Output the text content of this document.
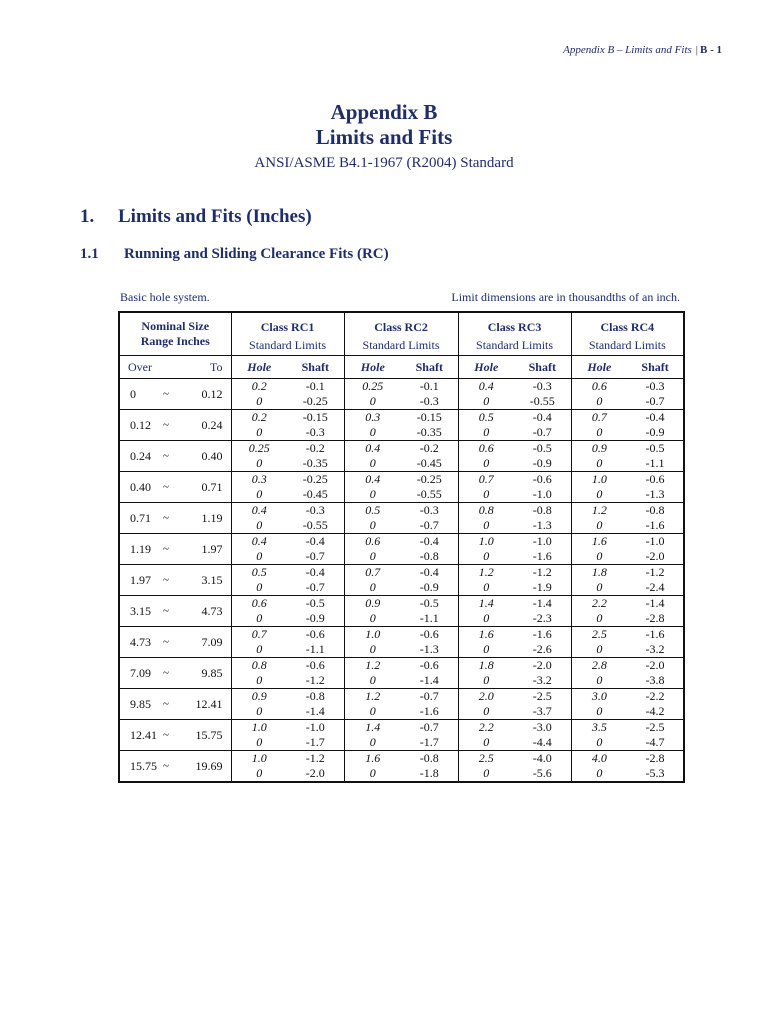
Appendix B – Limits and Fits | B - 1
Appendix B
Limits and Fits
ANSI/ASME B4.1-1967 (R2004) Standard
1. Limits and Fits (Inches)
1.1 Running and Sliding Clearance Fits (RC)
Basic hole system.	Limit dimensions are in thousandths of an inch.
Nominal Size
Range Inches			Class RC1		Class RC2		Class RC3		Class RC4	
			Standard Limits		Standard Limits		Standard Limits		Standard Limits	
Over		To	Hole	Shaft	Hole	Shaft	Hole	Shaft	Hole	Shaft
0	~	0.12	0.2	-0.1	0.25	-0.1	0.4	-0.3	0.6	-0.3
			0	-0.25	0	-0.3	0	-0.55	0	-0.7
0.12	~	0.24	0.2	-0.15	0.3	-0.15	0.5	-0.4	0.7	-0.4
			0	-0.3	0	-0.35	0	-0.7	0	-0.9
0.24	~	0.40	0.25	-0.2	0.4	-0.2	0.6	-0.5	0.9	-0.5
			0	-0.35	0	-0.45	0	-0.9	0	-1.1
0.40	~	0.71	0.3	-0.25	0.4	-0.25	0.7	-0.6	1.0	-0.6
			0	-0.45	0	-0.55	0	-1.0	0	-1.3
0.71	~	1.19	0.4	-0.3	0.5	-0.3	0.8	-0.8	1.2	-0.8
			0	-0.55	0	-0.7	0	-1.3	0	-1.6
1.19	~	1.97	0.4	-0.4	0.6	-0.4	1.0	-1.0	1.6	-1.0
			0	-0.7	0	-0.8	0	-1.6	0	-2.0
1.97	~	3.15	0.5	-0.4	0.7	-0.4	1.2	-1.2	1.8	-1.2
			0	-0.7	0	-0.9	0	-1.9	0	-2.4
3.15	~	4.73	0.6	-0.5	0.9	-0.5	1.4	-1.4	2.2	-1.4
			0	-0.9	0	-1.1	0	-2.3	0	-2.8
4.73	~	7.09	0.7	-0.6	1.0	-0.6	1.6	-1.6	2.5	-1.6
			0	-1.1	0	-1.3	0	-2.6	0	-3.2
7.09	~	9.85	0.8	-0.6	1.2	-0.6	1.8	-2.0	2.8	-2.0
			0	-1.2	0	-1.4	0	-3.2	0	-3.8
9.85	~	12.41	0.9	-0.8	1.2	-0.7	2.0	-2.5	3.0	-2.2
			0	-1.4	0	-1.6	0	-3.7	0	-4.2
12.41	~	15.75	1.0	-1.0	1.4	-0.7	2.2	-3.0	3.5	-2.5
			0	-1.7	0	-1.7	0	-4.4	0	-4.7
15.75	~	19.69	1.0	-1.2	1.6	-0.8	2.5	-4.0	4.0	-2.8
			0	-2.0	0	-1.8	0	-5.6	0	-5.3
